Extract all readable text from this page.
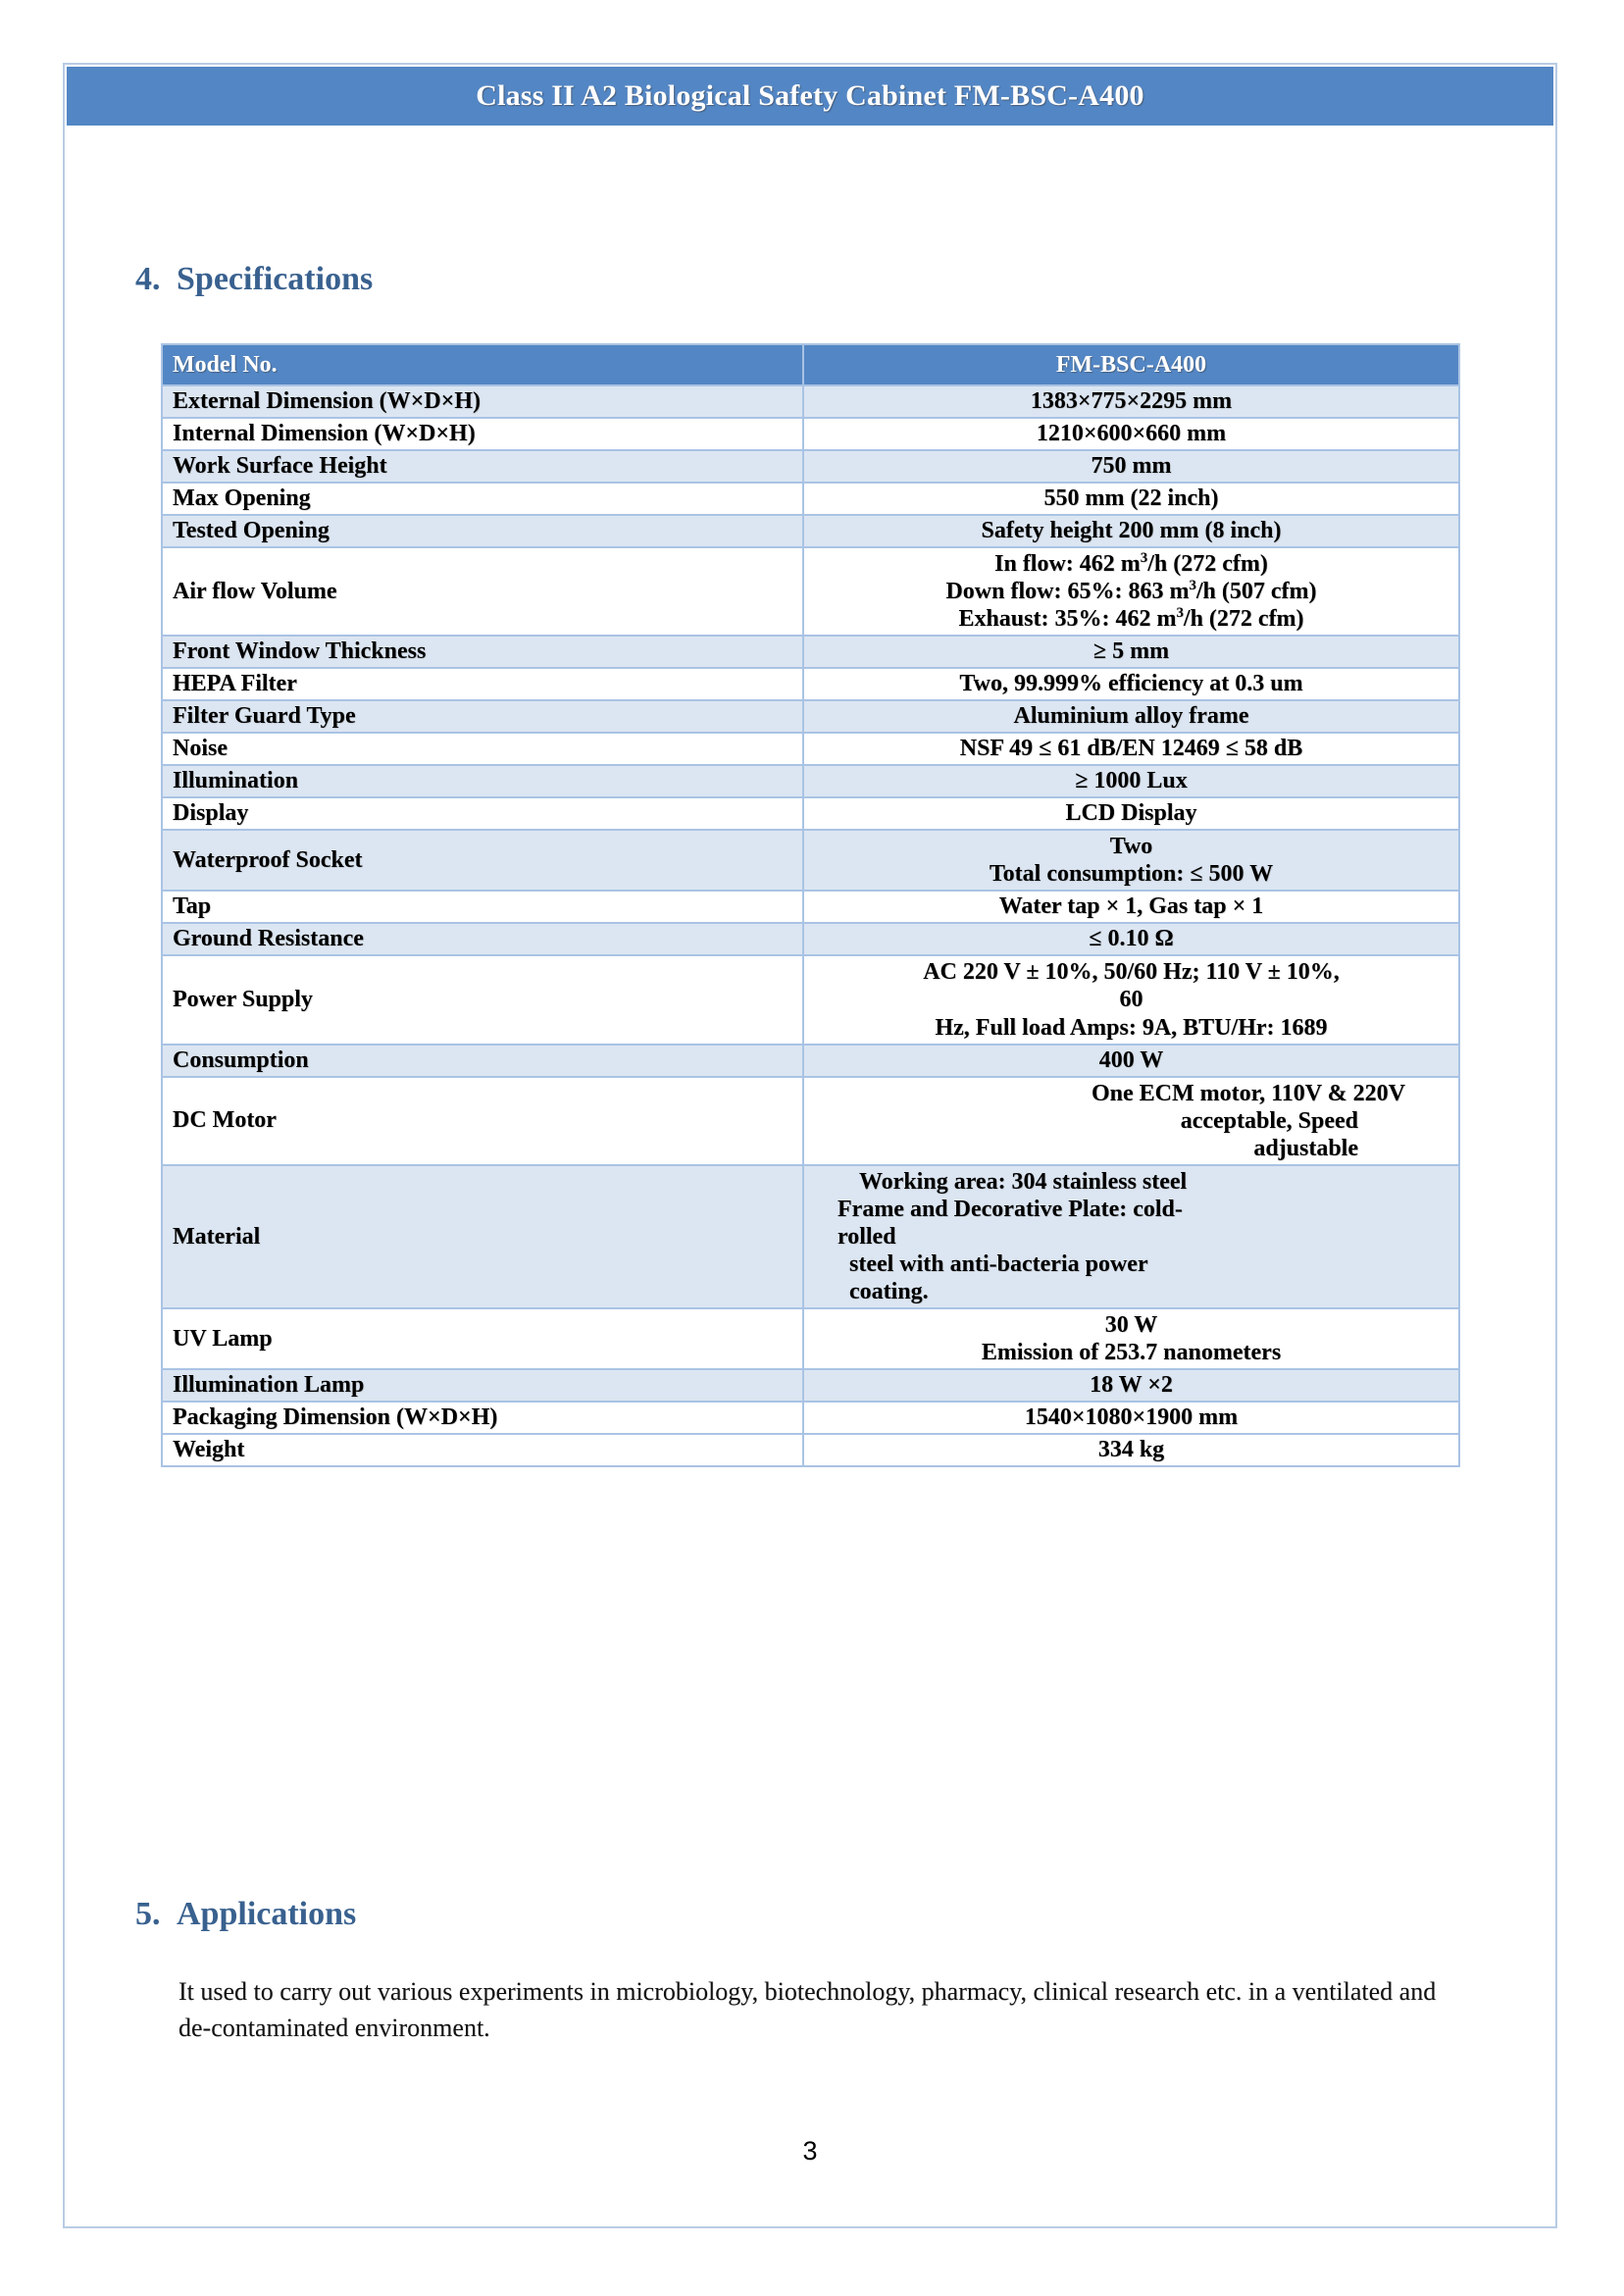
Class II A2 Biological Safety Cabinet FM-BSC-A400
4. Specifications
Model No.	FM-BSC-A400
External Dimension (W×D×H)	1383×775×2295 mm
Internal Dimension (W×D×H)	1210×600×660 mm
Work Surface Height	750 mm
Max Opening	550 mm (22 inch)
Tested Opening	Safety height 200 mm (8 inch)
Air flow Volume	In flow: 462 $m^3/h$ (272 cfm)
Down flow: 65%: 863 $m^3/h$ (507 cfm)
Exhaust: 35%: 462 $m^3/h$ (272 cfm)

Front Window Thickness	≥ 5 mm
HEPA Filter	Two, 99.999% efficiency at 0.3 um
Filter Guard Type	Aluminium alloy frame
Noise	NSF 49 ≤ 61 dB/EN 12469 ≤ 58 dB
Illumination	≥ 1000 Lux
Display	LCD Display
Waterproof Socket	Two
Total consumption: ≤ 500 W

Tap	Water tap × 1, Gas tap × 1
Ground Resistance	≤ 0.10 Ω
Power Supply	AC 220 V ± 10%, 50/60 Hz; 110 V ± 10%,
60
Hz, Full load Amps: 9A, BTU/Hr: 1689

Consumption	400 W
DC Motor	One ECM motor, 110V & 220V
acceptable, Speed
adjustable

Material	Working area: 304 stainless steel
Frame and Decorative Plate: cold-
rolled
steel with anti-bacteria power
coating.

UV Lamp	30 W
Emission of 253.7 nanometers

Illumination Lamp	18 W ×2
Packaging Dimension (W×D×H)	1540×1080×1900 mm
Weight	334 kg
5. Applications
It used to carry out various experiments in microbiology, biotechnology, pharmacy, clinical research etc. in a ventilated and de-contaminated environment.
3
